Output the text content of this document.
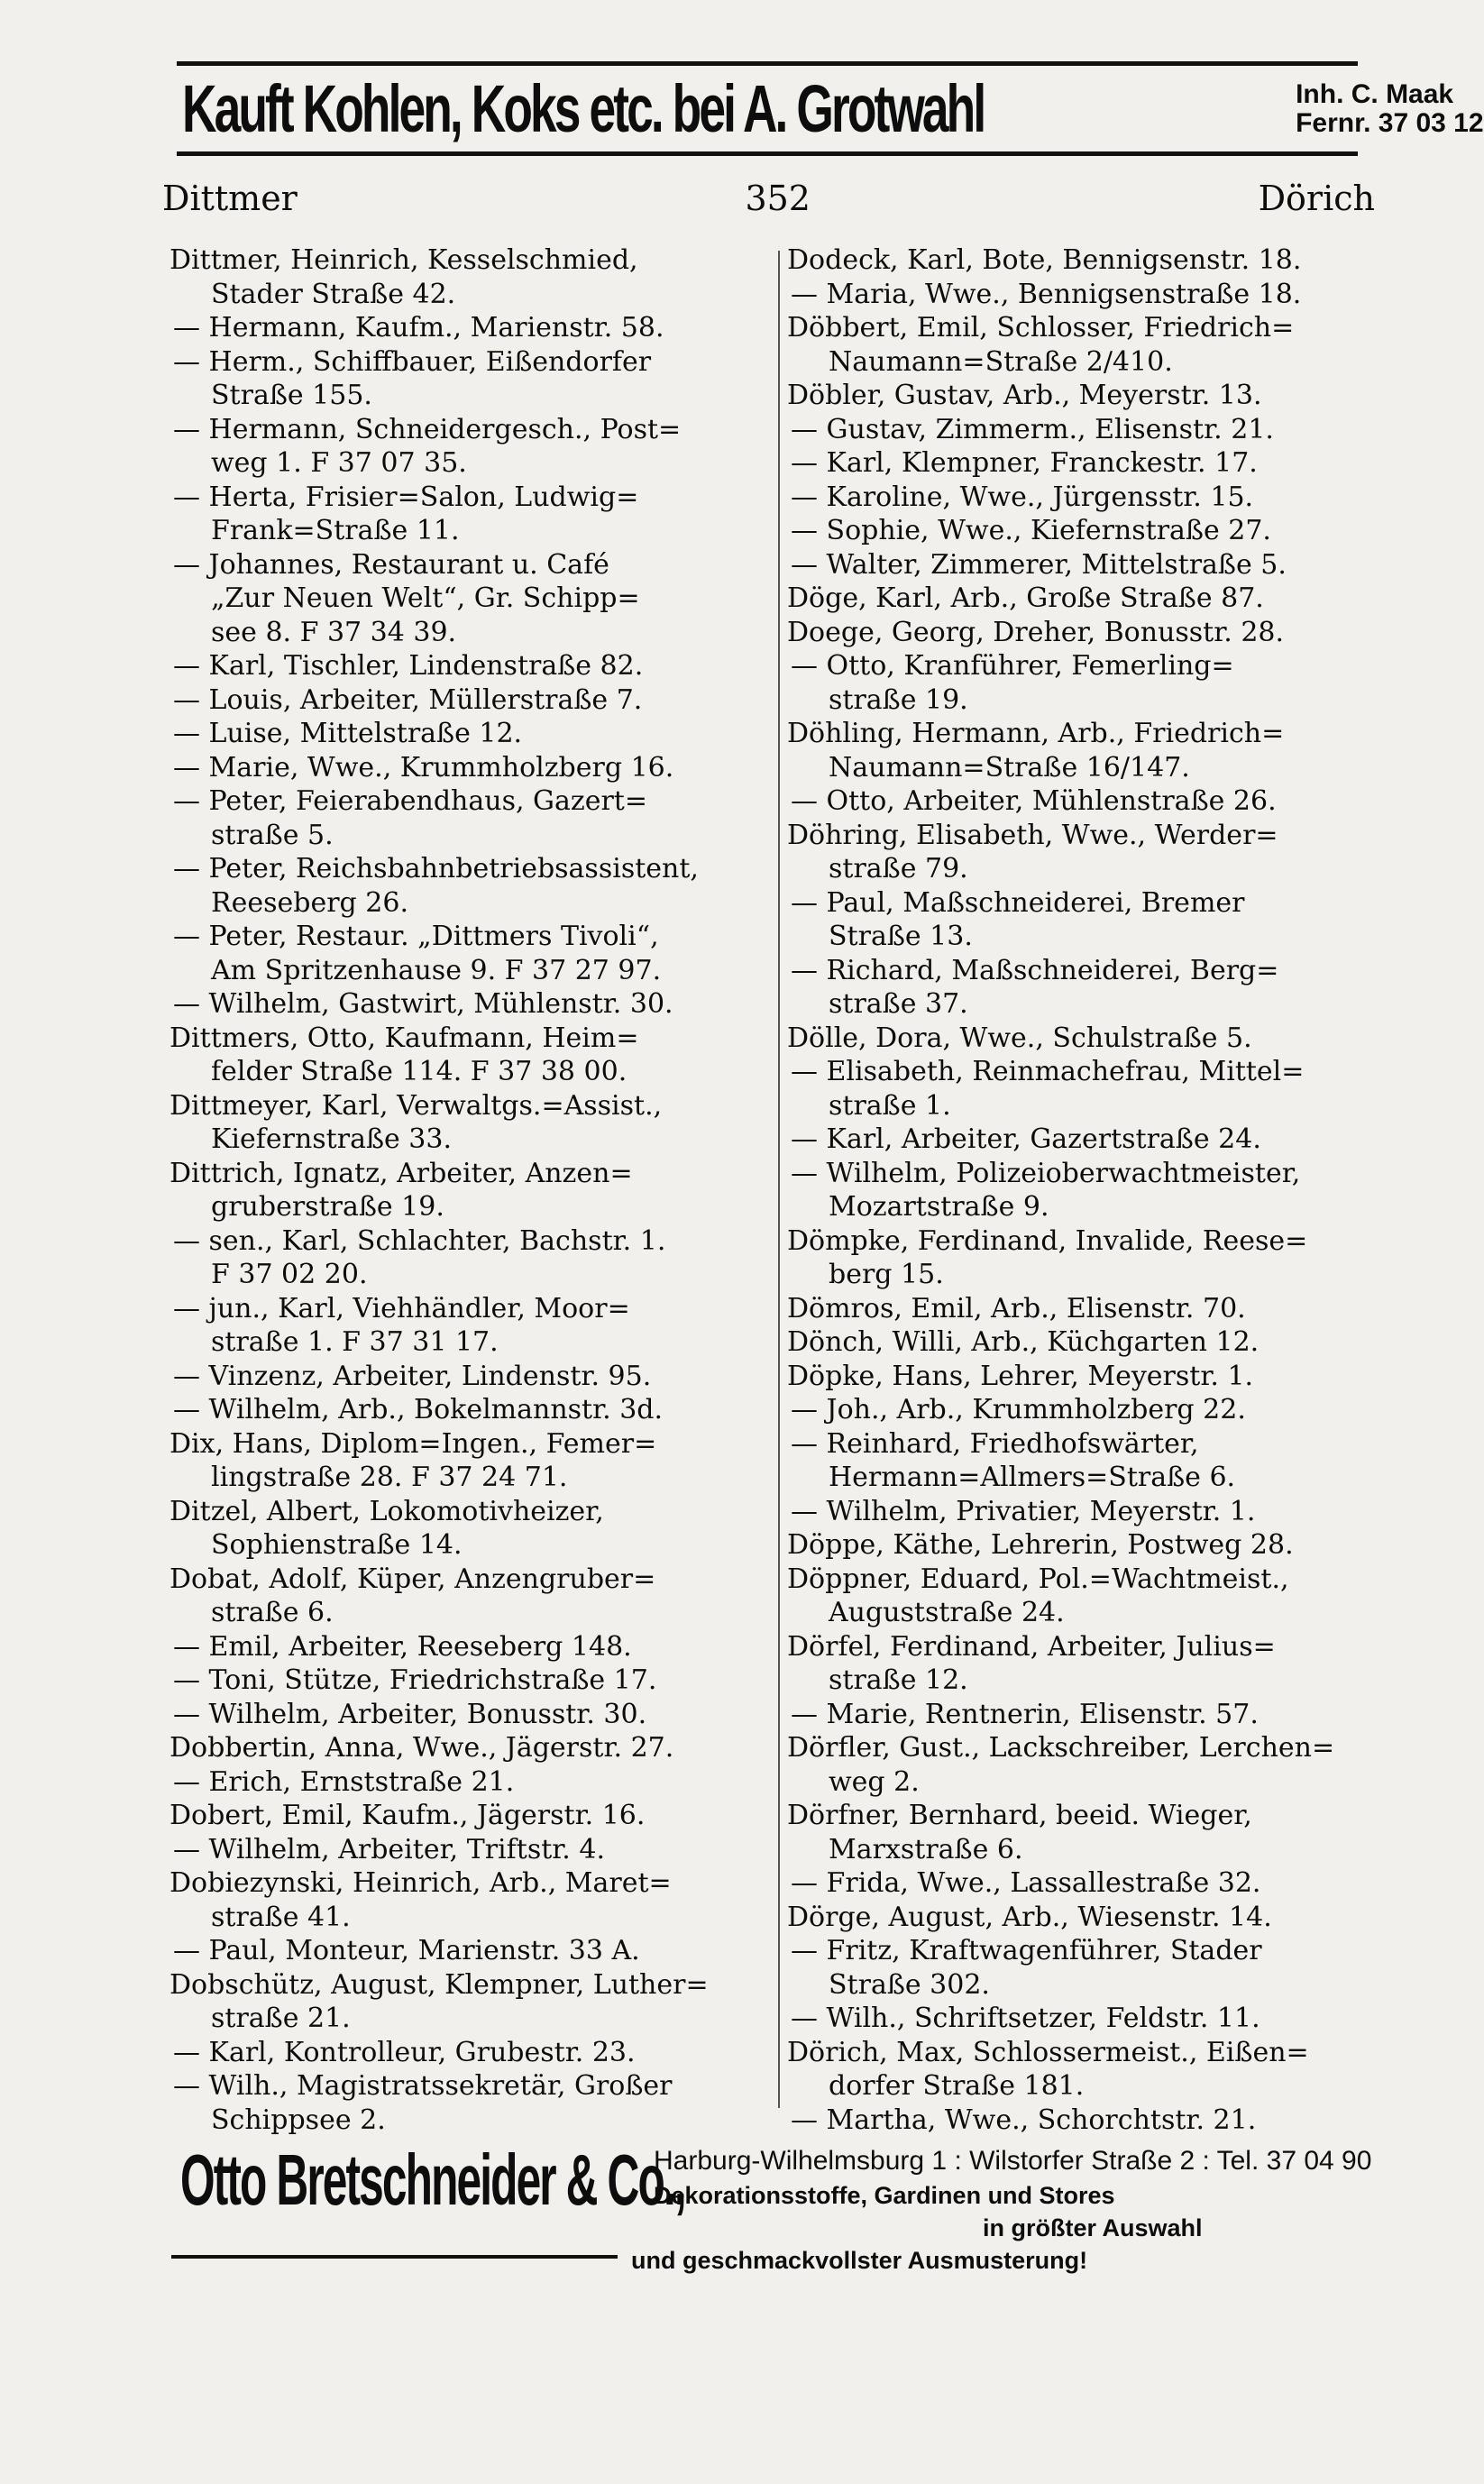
Kauft Kohlen, Koks etc. bei A. Grotwahl	Inh. C. Maak
Fernr. 37 03 12
Dittmer	352	Dörich

Dittmer, Heinrich, Kesselschmied,
Stader Straße 42.

— Hermann, Kaufm., Marienstr. 58.

— Herm., Schiffbauer, Eißendorfer
Straße 155.

— Hermann, Schneidergesch., Post=
weg 1. F 37 07 35.

— Herta, Frisier=Salon, Ludwig=
Frank=Straße 11.

— Johannes, Restaurant u. Café
„Zur Neuen Welt“, Gr. Schipp=
see 8. F 37 34 39.

— Karl, Tischler, Lindenstraße 82.

— Louis, Arbeiter, Müllerstraße 7.

— Luise, Mittelstraße 12.

— Marie, Wwe., Krummholzberg 16.

— Peter, Feierabendhaus, Gazert=
straße 5.

— Peter, Reichsbahnbetriebsassistent,
Reeseberg 26.

— Peter, Restaur. „Dittmers Tivoli“,
Am Spritzenhause 9. F 37 27 97.

— Wilhelm, Gastwirt, Mühlenstr. 30.

Dittmers, Otto, Kaufmann, Heim=
felder Straße 114. F 37 38 00.

Dittmeyer, Karl, Verwaltgs.=Assist.,
Kiefernstraße 33.

Dittrich, Ignatz, Arbeiter, Anzen=
gruberstraße 19.

— sen., Karl, Schlachter, Bachstr. 1.
F 37 02 20.

— jun., Karl, Viehhändler, Moor=
straße 1. F 37 31 17.

— Vinzenz, Arbeiter, Lindenstr. 95.

— Wilhelm, Arb., Bokelmannstr. 3d.

Dix, Hans, Diplom=Ingen., Femer=
lingstraße 28. F 37 24 71.

Ditzel, Albert, Lokomotivheizer,
Sophienstraße 14.

Dobat, Adolf, Küper, Anzengruber=
straße 6.

— Emil, Arbeiter, Reeseberg 148.

— Toni, Stütze, Friedrichstraße 17.

— Wilhelm, Arbeiter, Bonusstr. 30.

Dobbertin, Anna, Wwe., Jägerstr. 27.

— Erich, Ernststraße 21.

Dobert, Emil, Kaufm., Jägerstr. 16.

— Wilhelm, Arbeiter, Triftstr. 4.

Dobiezynski, Heinrich, Arb., Maret=
straße 41.

— Paul, Monteur, Marienstr. 33 A.

Dobschütz, August, Klempner, Luther=
straße 21.

— Karl, Kontrolleur, Grubestr. 23.

— Wilh., Magistratssekretär, Großer
Schippsee 2.

Dodeck, Karl, Bote, Bennigsenstr. 18.

— Maria, Wwe., Bennigsenstraße 18.

Döbbert, Emil, Schlosser, Friedrich=
Naumann=Straße 2/410.

Döbler, Gustav, Arb., Meyerstr. 13.

— Gustav, Zimmerm., Elisenstr. 21.

— Karl, Klempner, Franckestr. 17.

— Karoline, Wwe., Jürgensstr. 15.

— Sophie, Wwe., Kiefernstraße 27.

— Walter, Zimmerer, Mittelstraße 5.

Döge, Karl, Arb., Große Straße 87.

Doege, Georg, Dreher, Bonusstr. 28.

— Otto, Kranführer, Femerling=
straße 19.

Döhling, Hermann, Arb., Friedrich=
Naumann=Straße 16/147.

— Otto, Arbeiter, Mühlenstraße 26.

Döhring, Elisabeth, Wwe., Werder=
straße 79.

— Paul, Maßschneiderei, Bremer
Straße 13.

— Richard, Maßschneiderei, Berg=
straße 37.

Dölle, Dora, Wwe., Schulstraße 5.

— Elisabeth, Reinmachefrau, Mittel=
straße 1.

— Karl, Arbeiter, Gazertstraße 24.

— Wilhelm, Polizeioberwachtmeister,
Mozartstraße 9.

Dömpke, Ferdinand, Invalide, Reese=
berg 15.

Dömros, Emil, Arb., Elisenstr. 70.

Dönch, Willi, Arb., Küchgarten 12.

Döpke, Hans, Lehrer, Meyerstr. 1.

— Joh., Arb., Krummholzberg 22.

— Reinhard, Friedhofswärter,
Hermann=Allmers=Straße 6.

— Wilhelm, Privatier, Meyerstr. 1.

Döppe, Käthe, Lehrerin, Postweg 28.

Döppner, Eduard, Pol.=Wachtmeist.,
Auguststraße 24.

Dörfel, Ferdinand, Arbeiter, Julius=
straße 12.

— Marie, Rentnerin, Elisenstr. 57.

Dörfler, Gust., Lackschreiber, Lerchen=
weg 2.

Dörfner, Bernhard, beeid. Wieger,
Marxstraße 6.

— Frida, Wwe., Lassallestraße 32.

Dörge, August, Arb., Wiesenstr. 14.

— Fritz, Kraftwagenführer, Stader
Straße 302.

— Wilh., Schriftsetzer, Feldstr. 11.

Dörich, Max, Schlossermeist., Eißen=
dorfer Straße 181.

— Martha, Wwe., Schorchtstr. 21.

Otto Bretschneider & Co.,
Harburg-Wilhelmsburg 1 : Wilstorfer Straße 2 : Tel. 37 04 90
Dekorationsstoffe, Gardinen und Stores
in größter Auswahl
und geschmackvollster Ausmusterung!
